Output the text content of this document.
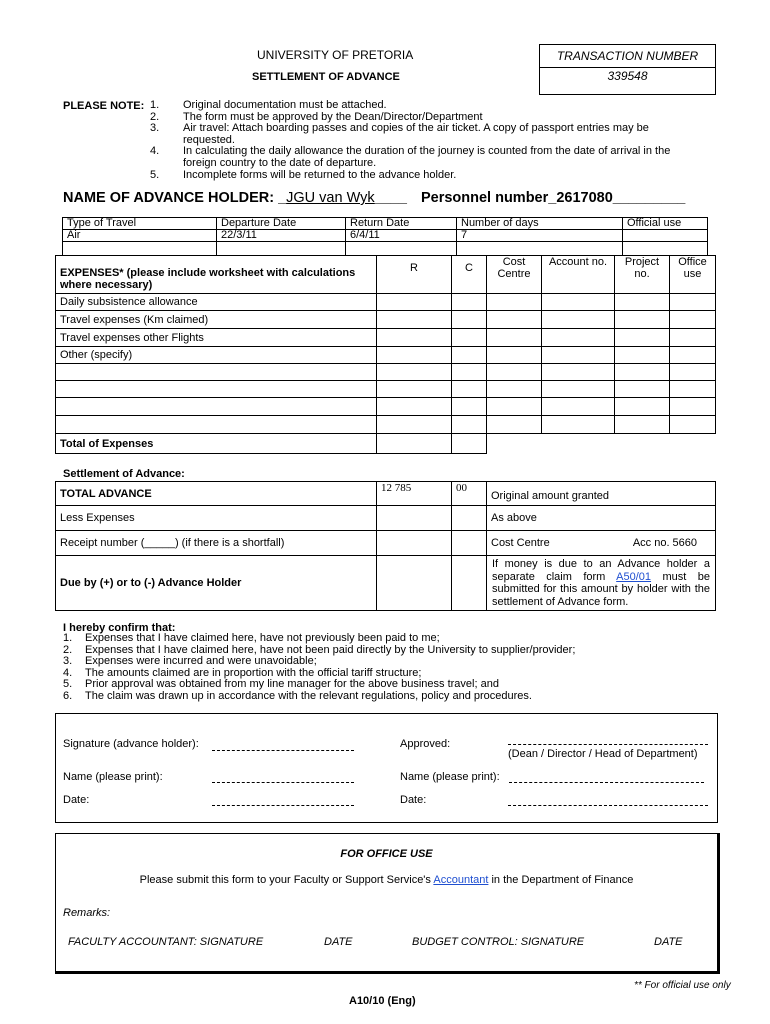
UNIVERSITY OF PRETORIA
SETTLEMENT OF ADVANCE
TRANSACTION NUMBER
339548
PLEASE NOTE: 1. Original documentation must be attached.
2. The form must be approved by the Dean/Director/Department
3. Air travel: Attach boarding passes and copies of the air ticket. A copy of passport entries may be
requested.
4. In calculating the daily allowance the duration of the journey is counted from the date of arrival in the
foreign country to the date of departure.
5. Incomplete forms will be returned to the advance holder.
NAME OF ADVANCE HOLDER: _JGU van Wyk____ Personnel number_2617080_________
Type of Travel	Departure Date	Return Date	Number of days	Official use
Air	22/3/11	6/4/11	7	

EXPENSES* (please include worksheet with calculations where necessary)	R	C	Cost Centre	Account no.	Project no.	Office use
Daily subsistence allowance						
Travel expenses (Km claimed)						
Travel expenses other Flights						
Other (specify)						

Total of Expenses						
Settlement of Advance:
TOTAL ADVANCE	12 785	00	Original amount granted	
Less Expenses			As above	
Receipt number (_____) (if there is a shortfall)			Cost Centre	Acc no. 5660
Due by (+) or to (-) Advance Holder			If money is due to an Advance holder a separate claim form A50/01 must be submitted for this amount by holder with the settlement of Advance form.	
I hereby confirm that:
1. Expenses that I have claimed here, have not previously been paid to me;
2. Expenses that I have claimed here, have not been paid directly by the University to supplier/provider;
3. Expenses were incurred and were unavoidable;
4. The amounts claimed are in proportion with the official tariff structure;
5. Prior approval was obtained from my line manager for the above business travel; and
6. The claim was drawn up in accordance with the relevant regulations, policy and procedures.
Signature (advance holder):	Approved:
(Dean / Director / Head of Department)
Name (please print):	Name (please print):
Date:	Date:
FOR OFFICE USE
Please submit this form to your Faculty or Support Service's Accountant in the Department of Finance
Remarks:
FACULTY ACCOUNTANT: SIGNATURE	DATE	BUDGET CONTROL: SIGNATURE	DATE
** For official use only
A10/10 (Eng)
